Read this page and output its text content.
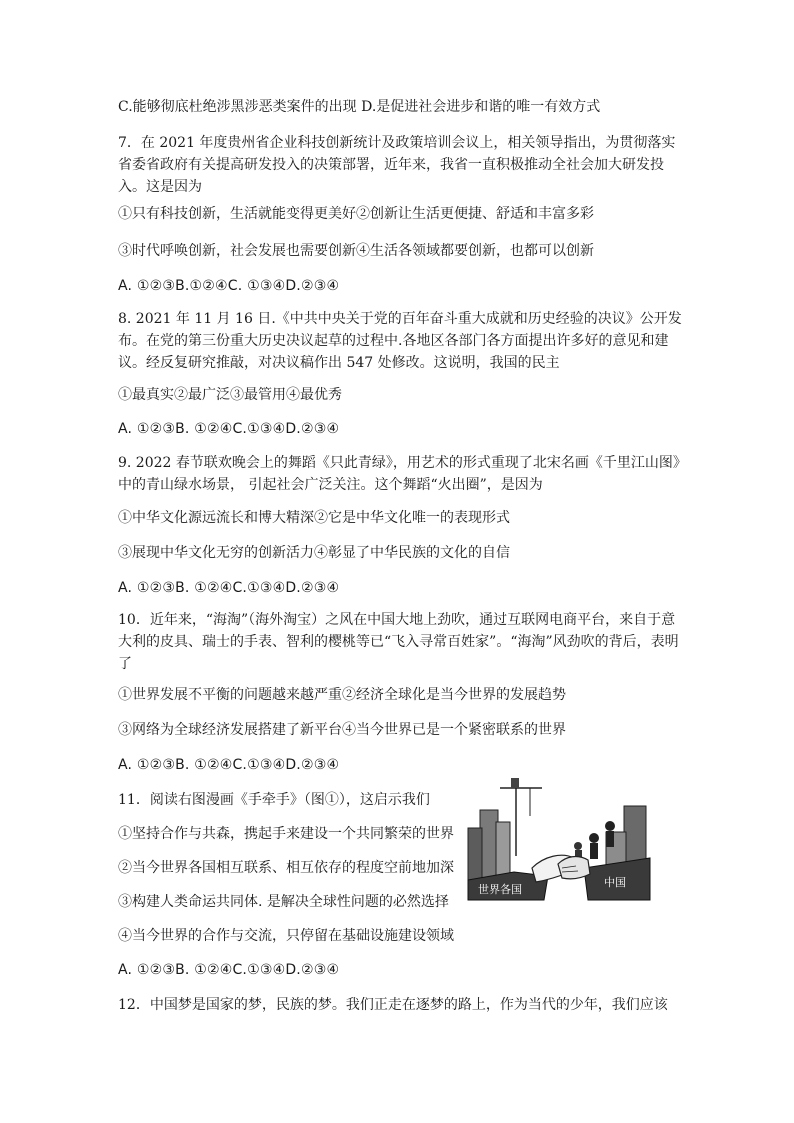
C.能够彻底杜绝涉黑涉恶类案件的出现 D.是促进社会进步和谐的唯一有效方式
7．在 2021 年度贵州省企业科技创新统计及政策培训会议上，相关领导指出，为贯彻落实省委省政府有关提高研发投入的决策部署，近年来，我省一直积极推动全社会加大研发投入。这是因为
①只有科技创新，生活就能变得更美好②创新让生活更便捷、舒适和丰富多彩
③时代呼唤创新，社会发展也需要创新④生活各领域都要创新，也都可以创新
A. ①②③B.①②④C. ①③④D.②③④
8. 2021 年 11 月 16 日.《中共中央关于党的百年奋斗重大成就和历史经验的决议》公开发布。在党的第三份重大历史决议起草的过程中.各地区各部门各方面提出许多好的意见和建议。经反复研究推敲，对决议稿作出 547 处修改。这说明，我国的民主
①最真实②最广泛③最管用④最优秀
A. ①②③B. ①②④C.①③④D.②③④
9. 2022 春节联欢晚会上的舞蹈《只此青绿》，用艺术的形式重现了北宋名画《千里江山图》中的青山绿水场景， 引起社会广泛关注。这个舞蹈“火出圈”，是因为
①中华文化源远流长和博大精深②它是中华文化唯一的表现形式
③展现中华文化无穷的创新活力④彰显了中华民族的文化的自信
A. ①②③B. ①②④C.①③④D.②③④
10．近年来，“海淘”（海外淘宝）之风在中国大地上劲吹，通过互联网电商平台，来自于意大利的皮具、瑞士的手表、智利的樱桃等已“飞入寻常百姓家”。“海淘”风劲吹的背后，表明了
①世界发展不平衡的问题越来越严重②经济全球化是当今世界的发展趋势
③网络为全球经济发展搭建了新平台④当今世界已是一个紧密联系的世界
A. ①②③B. ①②④C.①③④D.②③④
11．阅读右图漫画《手牵手》（图①），这启示我们
①坚持合作与共森，携起手来建设一个共同繁荣的世界
②当今世界各国相互联系、相互依存的程度空前地加深
③构建人类命运共同体. 是解决全球性问题的必然选择
④当今世界的合作与交流，只停留在基础设施建设领域
A. ①②③B. ①②④C.①③④D.②③④
12．中国梦是国家的梦，民族的梦。我们正走在逐梦的路上，作为当代的少年，我们应该
世界各国
中国
